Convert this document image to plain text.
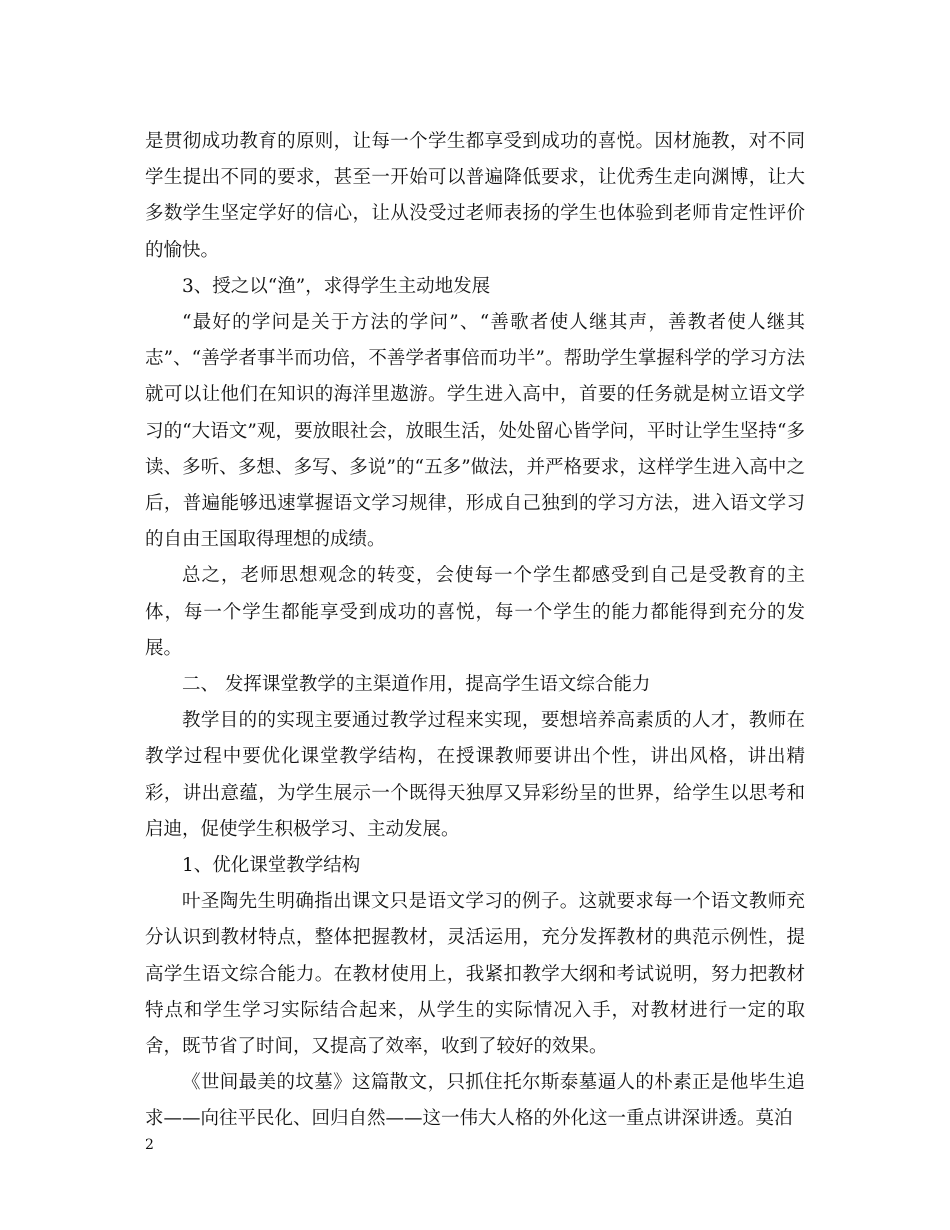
是贯彻成功教育的原则，让每一个学生都享受到成功的喜悦。因材施教，对不同学生提出不同的要求，甚至一开始可以普遍降低要求，让优秀生走向渊博，让大多数学生坚定学好的信心，让从没受过老师表扬的学生也体验到老师肯定性评价的愉快。

3、授之以“渔”，求得学生主动地发展

“最好的学问是关于方法的学问”、“善歌者使人继其声，善教者使人继其志”、“善学者事半而功倍，不善学者事倍而功半”。帮助学生掌握科学的学习方法就可以让他们在知识的海洋里遨游。学生进入高中，首要的任务就是树立语文学习的“大语文”观，要放眼社会，放眼生活，处处留心皆学问，平时让学生坚持“多读、多听、多想、多写、多说”的“五多”做法，并严格要求，这样学生进入高中之后，普遍能够迅速掌握语文学习规律，形成自己独到的学习方法，进入语文学习的自由王国取得理想的成绩。

总之，老师思想观念的转变，会使每一个学生都感受到自己是受教育的主体，每一个学生都能享受到成功的喜悦，每一个学生的能力都能得到充分的发展。

二、 发挥课堂教学的主渠道作用，提高学生语文综合能力

教学目的的实现主要通过教学过程来实现，要想培养高素质的人才，教师在教学过程中要优化课堂教学结构，在授课教师要讲出个性，讲出风格，讲出精彩，讲出意蕴，为学生展示一个既得天独厚又异彩纷呈的世界，给学生以思考和启迪，促使学生积极学习、主动发展。

1、优化课堂教学结构

叶圣陶先生明确指出课文只是语文学习的例子。这就要求每一个语文教师充分认识到教材特点，整体把握教材，灵活运用，充分发挥教材的典范示例性，提高学生语文综合能力。在教材使用上，我紧扣教学大纲和考试说明，努力把教材特点和学生学习实际结合起来，从学生的实际情况入手，对教材进行一定的取舍，既节省了时间，又提高了效率，收到了较好的效果。

《世间最美的坟墓》这篇散文，只抓住托尔斯泰墓逼人的朴素正是他毕生追求——向往平民化、回归自然——这一伟大人格的外化这一重点讲深讲透。莫泊

2
